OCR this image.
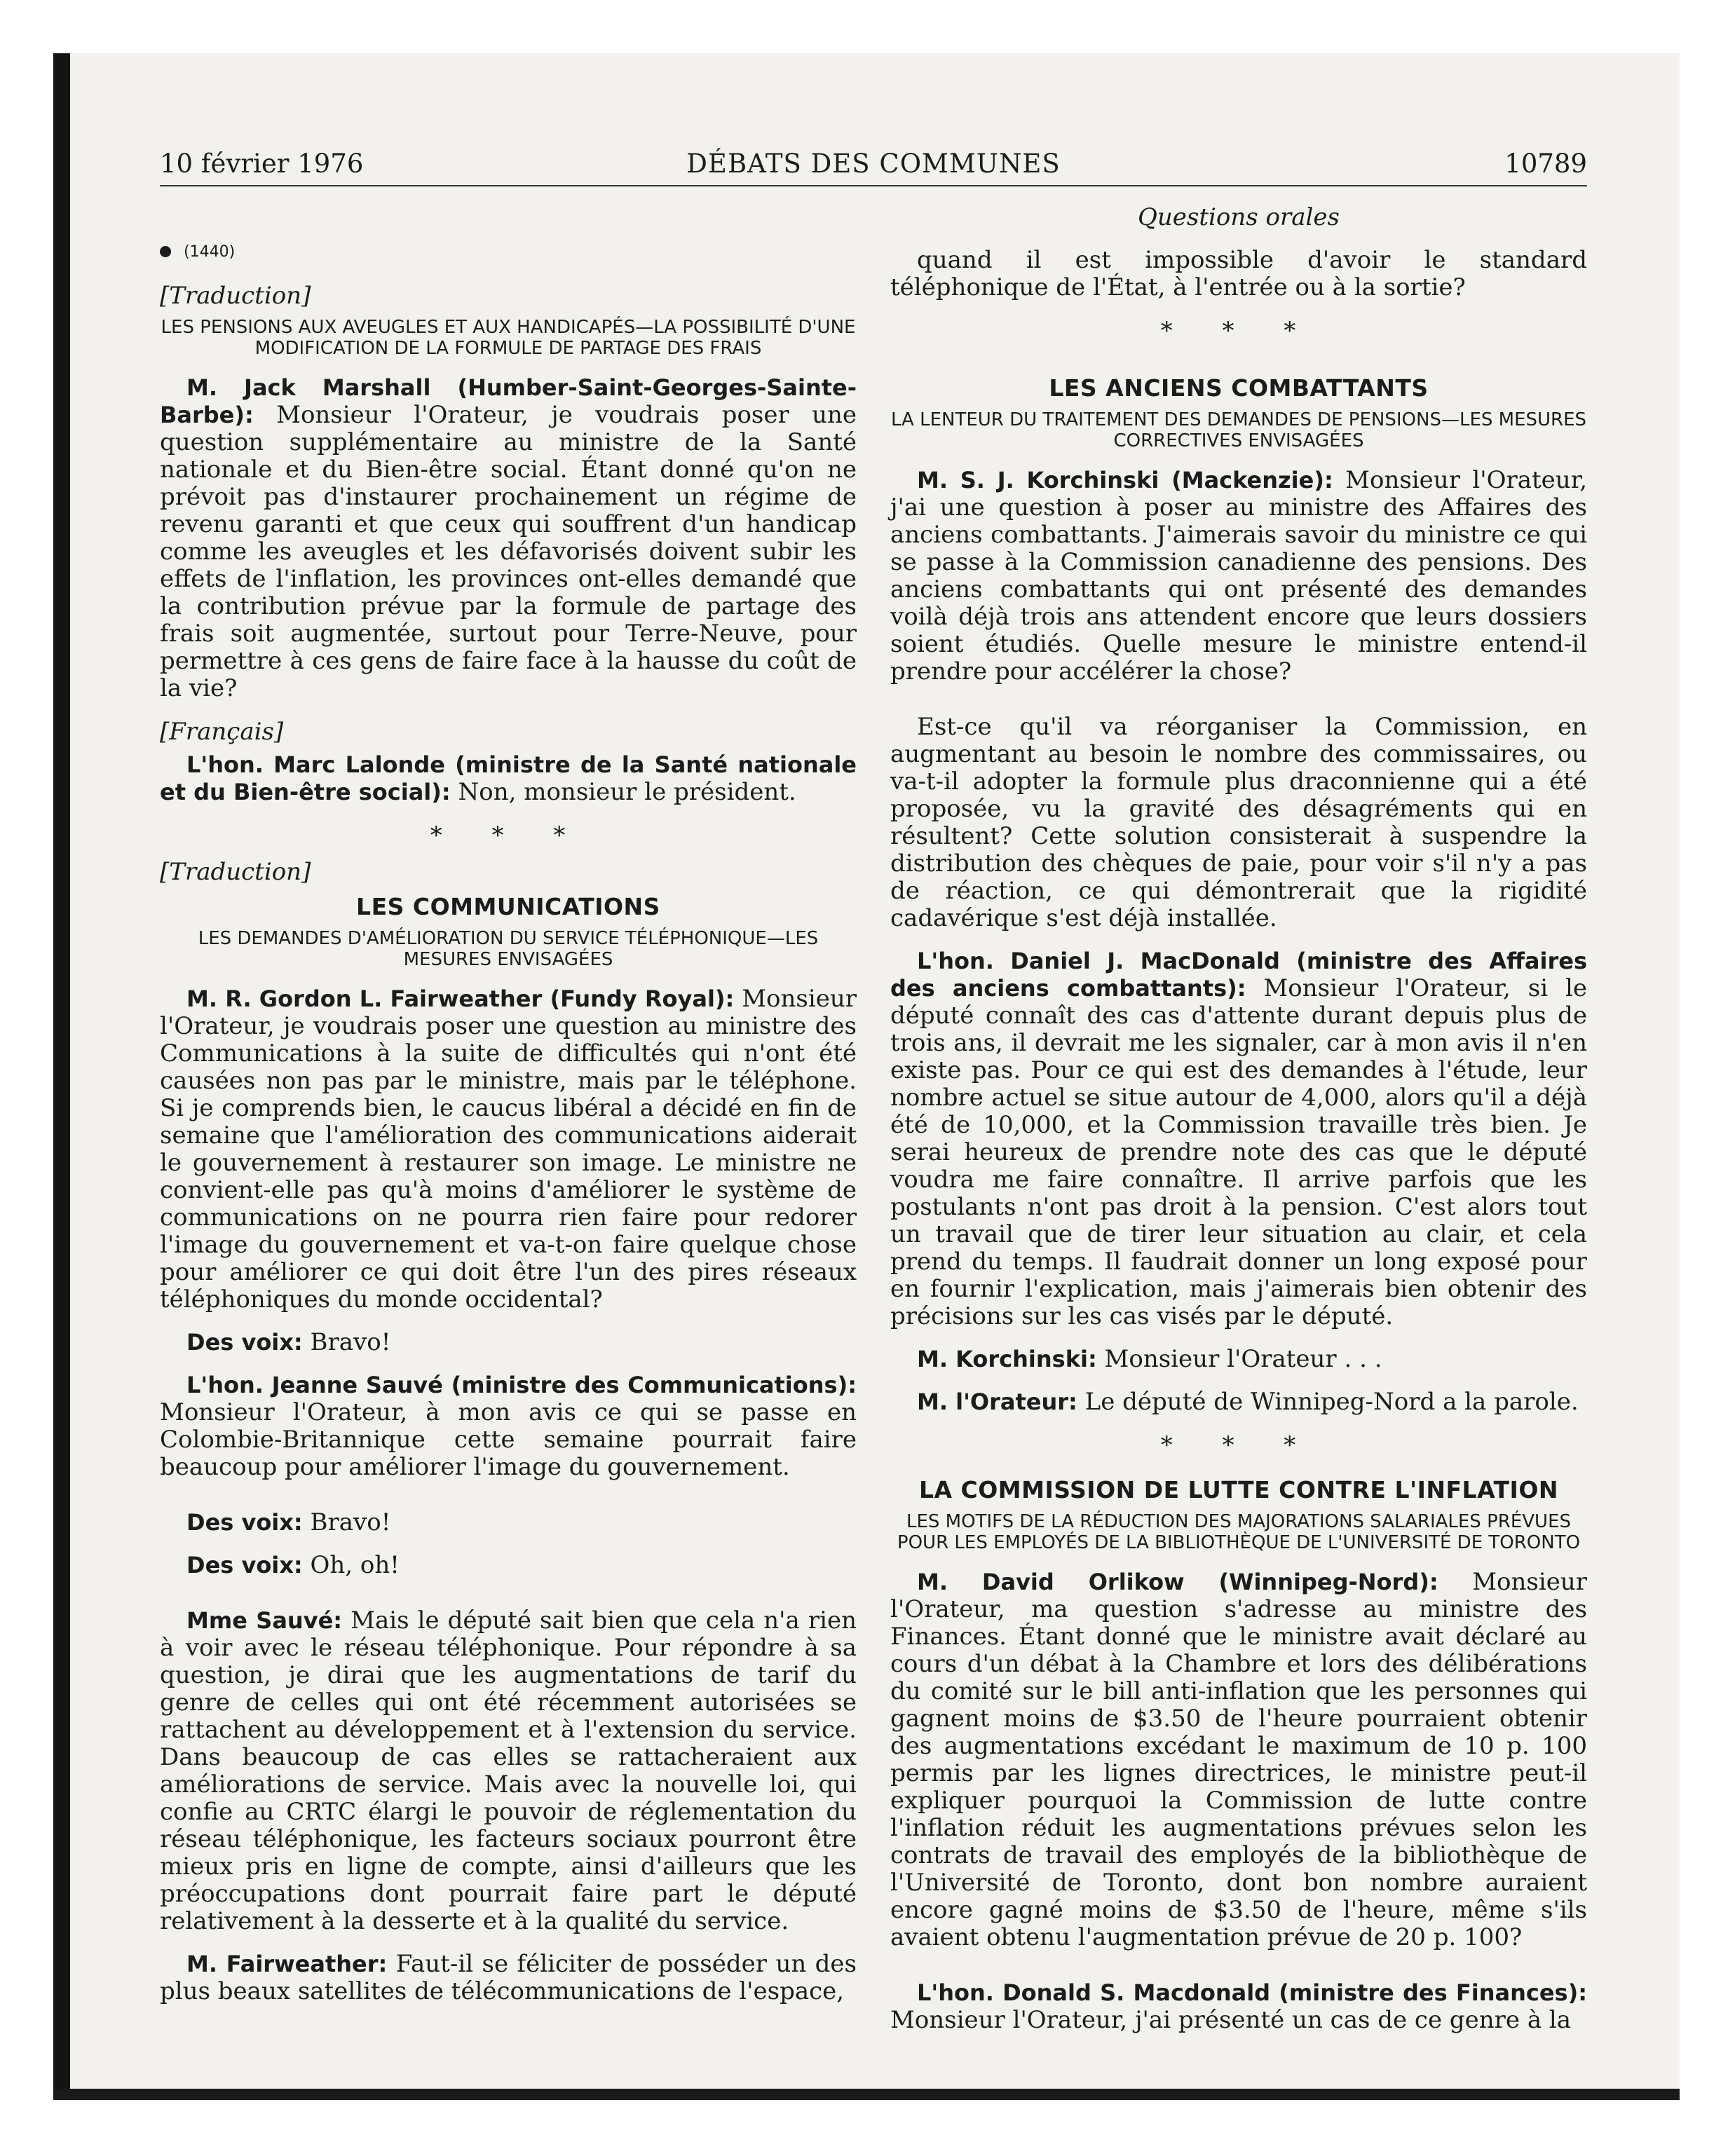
10 février 1976	DÉBATS DES COMMUNES	10789

(1440)

[Traduction]

LES PENSIONS AUX AVEUGLES ET AUX HANDICAPÉS—LA POSSIBILITÉ D'UNE MODIFICATION DE LA FORMULE DE PARTAGE DES FRAIS

M. Jack Marshall (Humber-Saint-Georges-Sainte-Barbe): Monsieur l'Orateur, je voudrais poser une question supplémentaire au ministre de la Santé nationale et du Bien-être social. Étant donné qu'on ne prévoit pas d'instaurer prochainement un régime de revenu garanti et que ceux qui souffrent d'un handicap comme les aveugles et les défavorisés doivent subir les effets de l'inflation, les provinces ont-elles demandé que la contribution prévue par la formule de partage des frais soit augmentée, surtout pour Terre-Neuve, pour permettre à ces gens de faire face à la hausse du coût de la vie?

[Français]

L'hon. Marc Lalonde (ministre de la Santé nationale et du Bien-être social): Non, monsieur le président.

* * *

[Traduction]

LES COMMUNICATIONS

LES DEMANDES D'AMÉLIORATION DU SERVICE TÉLÉPHONIQUE—LES MESURES ENVISAGÉES

M. R. Gordon L. Fairweather (Fundy Royal): Monsieur l'Orateur, je voudrais poser une question au ministre des Communications à la suite de difficultés qui n'ont été causées non pas par le ministre, mais par le téléphone. Si je comprends bien, le caucus libéral a décidé en fin de semaine que l'amélioration des communications aiderait le gouvernement à restaurer son image. Le ministre ne convient-elle pas qu'à moins d'améliorer le système de communications on ne pourra rien faire pour redorer l'image du gouvernement et va-t-on faire quelque chose pour améliorer ce qui doit être l'un des pires réseaux téléphoniques du monde occidental?

Des voix: Bravo!

L'hon. Jeanne Sauvé (ministre des Communications): Monsieur l'Orateur, à mon avis ce qui se passe en Colombie-Britannique cette semaine pourrait faire beaucoup pour améliorer l'image du gouvernement.

Des voix: Bravo!

Des voix: Oh, oh!

Mme Sauvé: Mais le député sait bien que cela n'a rien à voir avec le réseau téléphonique. Pour répondre à sa question, je dirai que les augmentations de tarif du genre de celles qui ont été récemment autorisées se rattachent au développement et à l'extension du service. Dans beaucoup de cas elles se rattacheraient aux améliorations de service. Mais avec la nouvelle loi, qui confie au CRTC élargi le pouvoir de réglementation du réseau téléphonique, les facteurs sociaux pourront être mieux pris en ligne de compte, ainsi d'ailleurs que les préoccupations dont pourrait faire part le député relativement à la desserte et à la qualité du service.

M. Fairweather: Faut-il se féliciter de posséder un des plus beaux satellites de télécommunications de l'espace,

Questions orales

quand il est impossible d'avoir le standard téléphonique de l'État, à l'entrée ou à la sortie?

* * *

LES ANCIENS COMBATTANTS

LA LENTEUR DU TRAITEMENT DES DEMANDES DE PENSIONS—LES MESURES CORRECTIVES ENVISAGÉES

M. S. J. Korchinski (Mackenzie): Monsieur l'Orateur, j'ai une question à poser au ministre des Affaires des anciens combattants. J'aimerais savoir du ministre ce qui se passe à la Commission canadienne des pensions. Des anciens combattants qui ont présenté des demandes voilà déjà trois ans attendent encore que leurs dossiers soient étudiés. Quelle mesure le ministre entend-il prendre pour accélérer la chose?

Est-ce qu'il va réorganiser la Commission, en augmentant au besoin le nombre des commissaires, ou va-t-il adopter la formule plus draconnienne qui a été proposée, vu la gravité des désagréments qui en résultent? Cette solution consisterait à suspendre la distribution des chèques de paie, pour voir s'il n'y a pas de réaction, ce qui démontrerait que la rigidité cadavérique s'est déjà installée.

L'hon. Daniel J. MacDonald (ministre des Affaires des anciens combattants): Monsieur l'Orateur, si le député connaît des cas d'attente durant depuis plus de trois ans, il devrait me les signaler, car à mon avis il n'en existe pas. Pour ce qui est des demandes à l'étude, leur nombre actuel se situe autour de 4,000, alors qu'il a déjà été de 10,000, et la Commission travaille très bien. Je serai heureux de prendre note des cas que le député voudra me faire connaître. Il arrive parfois que les postulants n'ont pas droit à la pension. C'est alors tout un travail que de tirer leur situation au clair, et cela prend du temps. Il faudrait donner un long exposé pour en fournir l'explication, mais j'aimerais bien obtenir des précisions sur les cas visés par le député.

M. Korchinski: Monsieur l'Orateur . . .

M. l'Orateur: Le député de Winnipeg-Nord a la parole.

* * *

LA COMMISSION DE LUTTE CONTRE L'INFLATION

LES MOTIFS DE LA RÉDUCTION DES MAJORATIONS SALARIALES PRÉVUES POUR LES EMPLOYÉS DE LA BIBLIOTHÈQUE DE L'UNIVERSITÉ DE TORONTO

M. David Orlikow (Winnipeg-Nord): Monsieur l'Orateur, ma question s'adresse au ministre des Finances. Étant donné que le ministre avait déclaré au cours d'un débat à la Chambre et lors des délibérations du comité sur le bill anti-inflation que les personnes qui gagnent moins de $3.50 de l'heure pourraient obtenir des augmentations excédant le maximum de 10 p. 100 permis par les lignes directrices, le ministre peut-il expliquer pourquoi la Commission de lutte contre l'inflation réduit les augmentations prévues selon les contrats de travail des employés de la bibliothèque de l'Université de Toronto, dont bon nombre auraient encore gagné moins de $3.50 de l'heure, même s'ils avaient obtenu l'augmentation prévue de 20 p. 100?

L'hon. Donald S. Macdonald (ministre des Finances): Monsieur l'Orateur, j'ai présenté un cas de ce genre à la
